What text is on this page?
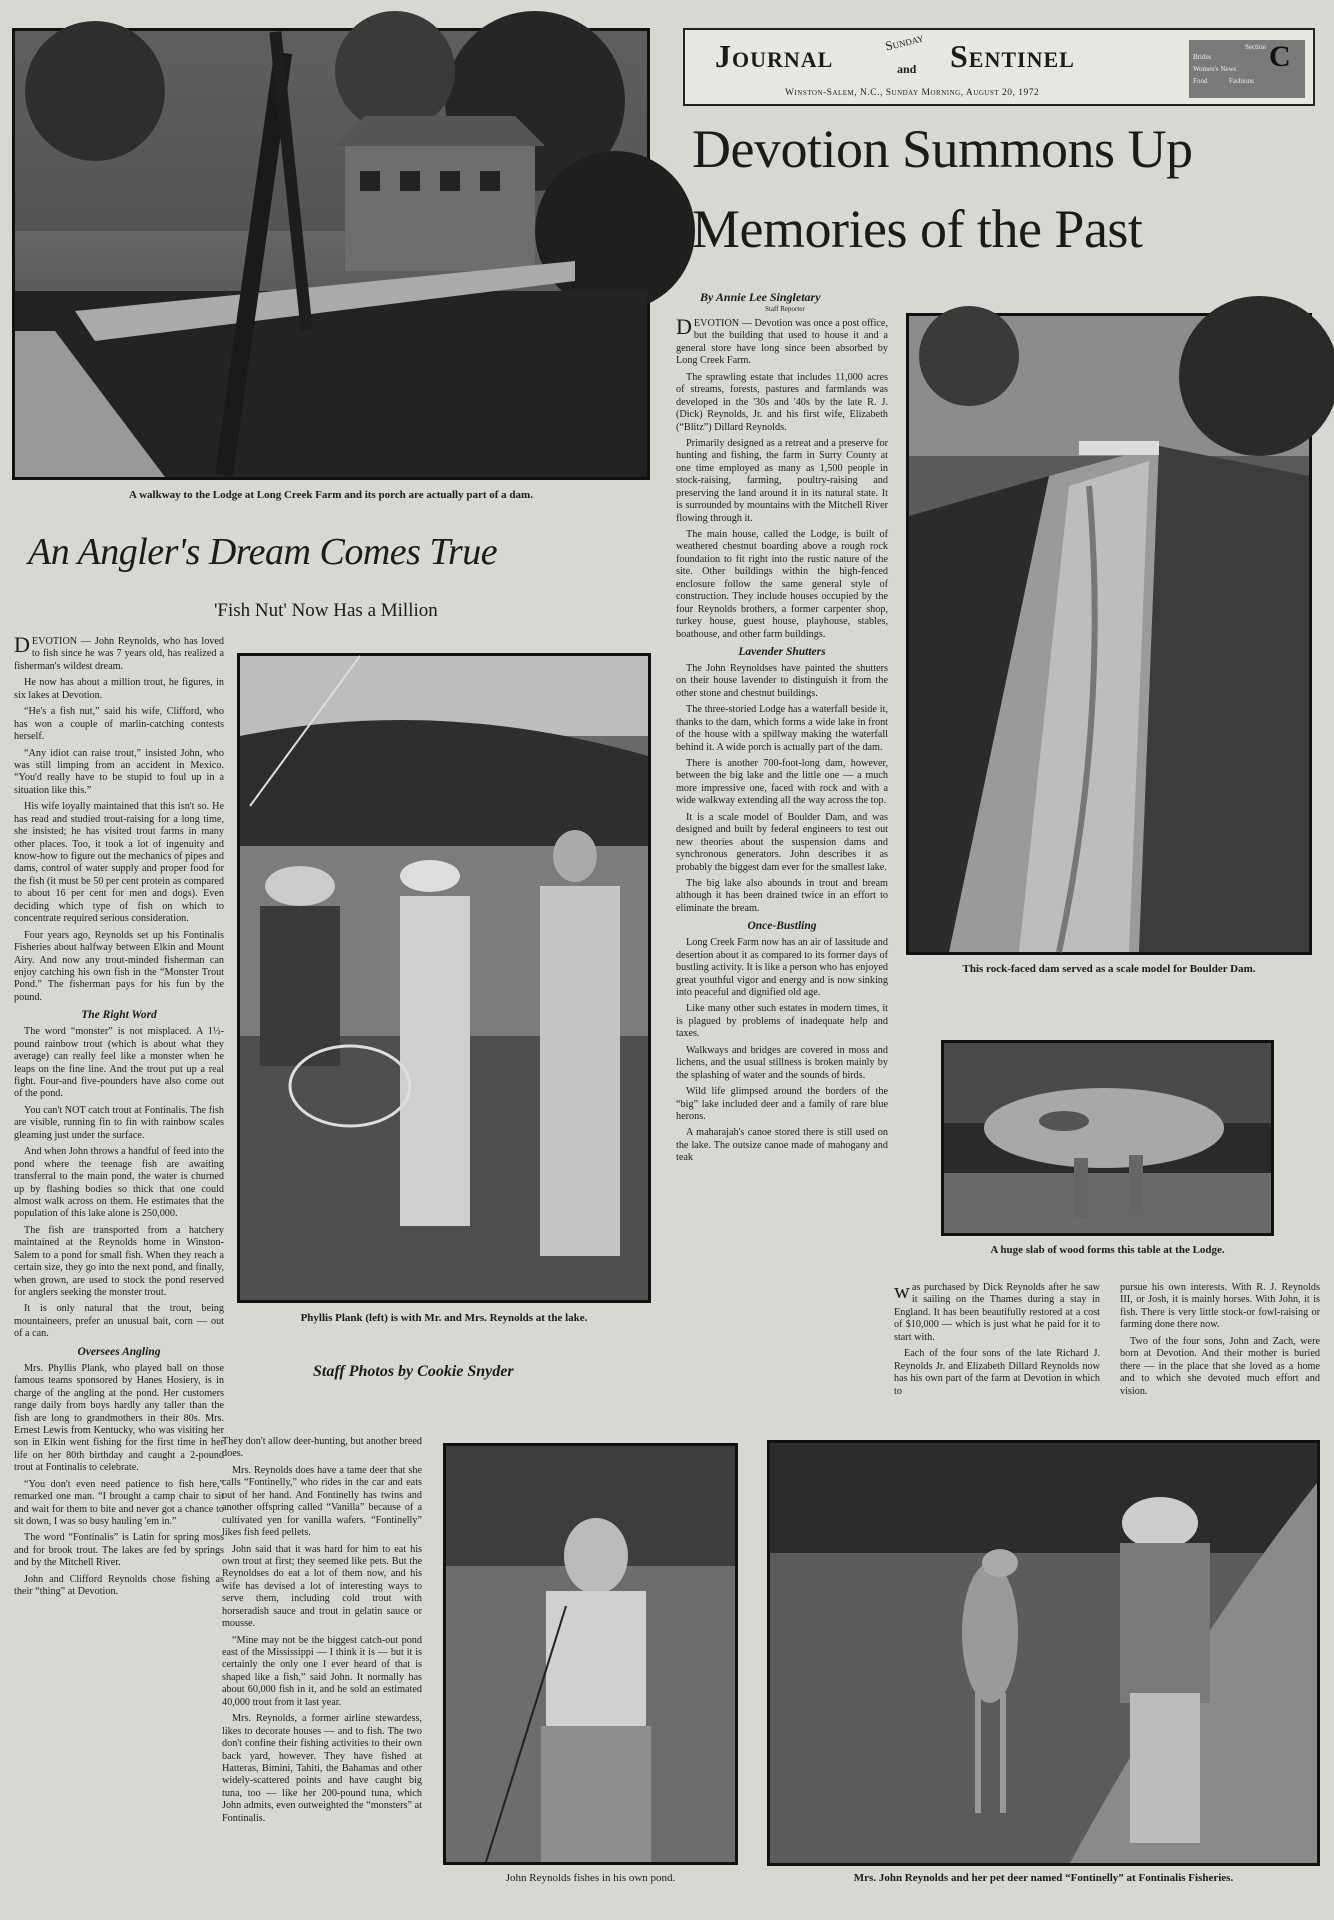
A walkway to the Lodge at Long Creek Farm and its porch are actually part of a dam.
Journal	Sunday
and Sentinel
Winston-Salem, N.C., Sunday Morning, August 20, 1972
Section
Brides
Women's News
Food	Fashions
C
Devotion Summons Up
Memories of the Past
By Annie Lee Singletary
Staff Reporter

DEVOTION — Devotion was once a post office, but the building that used to house it and a general store have long since been absorbed by Long Creek Farm.

The sprawling estate that includes 11,000 acres of streams, forests, pastures and farmlands was developed in the '30s and '40s by the late R. J. (Dick) Reynolds, Jr. and his first wife, Elizabeth (“Blitz”) Dillard Reynolds.

Primarily designed as a retreat and a preserve for hunting and fishing, the farm in Surry County at one time employed as many as 1,500 people in stock-raising, farming, poultry-raising and preserving the land around it in its natural state. It is surrounded by mountains with the Mitchell River flowing through it.

The main house, called the Lodge, is built of weathered chestnut boarding above a rough rock foundation to fit right into the rustic nature of the site. Other buildings within the high-fenced enclosure follow the same general style of construction. They include houses occupied by the four Reynolds brothers, a former carpenter shop, turkey house, guest house, playhouse, stables, boathouse, and other farm buildings.

Lavender Shutters

The John Reynoldses have painted the shutters on their house lavender to distinguish it from the other stone and chestnut buildings.

The three-storied Lodge has a waterfall beside it, thanks to the dam, which forms a wide lake in front of the house with a spillway making the waterfall behind it. A wide porch is actually part of the dam.

There is another 700-foot-long dam, however, between the big lake and the little one — a much more impressive one, faced with rock and with a wide walkway extending all the way across the top.

It is a scale model of Boulder Dam, and was designed and built by federal engineers to test out new theories about the suspension dams and synchronous generators. John describes it as probably the biggest dam ever for the smallest lake.

The big lake also abounds in trout and bream although it has been drained twice in an effort to eliminate the bream.

Once-Bustling

Long Creek Farm now has an air of lassitude and desertion about it as compared to its former days of bustling activity. It is like a person who has enjoyed great youthful vigor and energy and is now sinking into peaceful and dignified old age.

Like many other such estates in modern times, it is plagued by problems of inadequate help and taxes.

Walkways and bridges are covered in moss and lichens, and the usual stillness is broken mainly by the splashing of water and the sounds of birds.

Wild life glimpsed around the borders of the “big” lake included deer and a family of rare blue herons.

A maharajah's canoe stored there is still used on the lake. The outsize canoe made of mahogany and teak

This rock-faced dam served as a scale model for Boulder Dam.
A huge slab of wood forms this table at the Lodge.

was purchased by Dick Reynolds after he saw it sailing on the Thames during a stay in England. It has been beautifully restored at a cost of $10,000 — which is just what he paid for it to start with.

Each of the four sons of the late Richard J. Reynolds Jr. and Elizabeth Dillard Reynolds now has his own part of the farm at Devotion in which to

pursue his own interests. With R. J. Reynolds III, or Josh, it is mainly horses. With John, it is fish. There is very little stock-or fowl-raising or farming done there now.

Two of the four sons, John and Zach, were born at Devotion. And their mother is buried there — in the place that she loved as a home and to which she devoted much effort and vision.

An Angler's Dream Comes True
'Fish Nut' Now Has a Million

DEVOTION — John Reynolds, who has loved to fish since he was 7 years old, has realized a fisherman's wildest dream.

He now has about a million trout, he figures, in six lakes at Devotion.

“He's a fish nut,” said his wife, Clifford, who has won a couple of marlin-catching contests herself.

“Any idiot can raise trout,” insisted John, who was still limping from an accident in Mexico. “You'd really have to be stupid to foul up in a situation like this.”

His wife loyally maintained that this isn't so. He has read and studied trout-raising for a long time, she insisted; he has visited trout farms in many other places. Too, it took a lot of ingenuity and know-how to figure out the mechanics of pipes and dams, control of water supply and proper food for the fish (it must be 50 per cent protein as compared to about 16 per cent for men and dogs). Even deciding which type of fish on which to concentrate required serious consideration.

Four years ago, Reynolds set up his Fontinalis Fisheries about halfway between Elkin and Mount Airy. And now any trout-minded fisherman can enjoy catching his own fish in the “Monster Trout Pond.” The fisherman pays for his fun by the pound.

The Right Word

The word “monster” is not misplaced. A 1½-pound rainbow trout (which is about what they average) can really feel like a monster when he leaps on the fine line. And the trout put up a real fight. Four-and five-pounders have also come out of the pond.

You can't NOT catch trout at Fontinalis. The fish are visible, running fin to fin with rainbow scales gleaming just under the surface.

And when John throws a handful of feed into the pond where the teenage fish are awaiting transferral to the main pond, the water is churned up by flashing bodies so thick that one could almost walk across on them. He estimates that the population of this lake alone is 250,000.

The fish are transported from a hatchery maintained at the Reynolds home in Winston-Salem to a pond for small fish. When they reach a certain size, they go into the next pond, and finally, when grown, are used to stock the pond reserved for anglers seeking the monster trout.

It is only natural that the trout, being mountaineers, prefer an unusual bait, corn — out of a can.

Oversees Angling

Mrs. Phyllis Plank, who played ball on those famous teams sponsored by Hanes Hosiery, is in charge of the angling at the pond. Her customers range daily from boys hardly any taller than the fish are long to grandmothers in their 80s. Mrs. Ernest Lewis from Kentucky, who was visiting her son in Elkin went fishing for the first time in her life on her 80th birthday and caught a 2-pound trout at Fontinalis to celebrate.

“You don't even need patience to fish here,” remarked one man. “I brought a camp chair to sit and wait for them to bite and never got a chance to sit down, I was so busy hauling 'em in.”

The word “Fontinalis” is Latin for spring moss and for brook trout. The lakes are fed by springs and by the Mitchell River.

John and Clifford Reynolds chose fishing as their “thing” at Devotion.

Phyllis Plank (left) is with Mr. and Mrs. Reynolds at the lake.
Staff Photos by Cookie Snyder

They don't allow deer-hunting, but another breed does.

Mrs. Reynolds does have a tame deer that she calls “Fontinelly,” who rides in the car and eats out of her hand. And Fontinelly has twins and another offspring called “Vanilla” because of a cultivated yen for vanilla wafers. “Fontinelly” likes fish feed pellets.

John said that it was hard for him to eat his own trout at first; they seemed like pets. But the Reynoldses do eat a lot of them now, and his wife has devised a lot of interesting ways to serve them, including cold trout with horseradish sauce and trout in gelatin sauce or mousse.

“Mine may not be the biggest catch-out pond east of the Mississippi — I think it is — but it is certainly the only one I ever heard of that is shaped like a fish,” said John. It normally has about 60,000 fish in it, and he sold an estimated 40,000 trout from it last year.

Mrs. Reynolds, a former airline stewardess, likes to decorate houses — and to fish. The two don't confine their fishing activities to their own back yard, however. They have fished at Hatteras, Bimini, Tahiti, the Bahamas and other widely-scattered points and have caught big tuna, too — like her 200-pound tuna, which John admits, even outweighted the “monsters” at Fontinalis.

John Reynolds fishes in his own pond.	Mrs. John Reynolds and her pet deer named “Fontinelly” at Fontinalis Fisheries.
